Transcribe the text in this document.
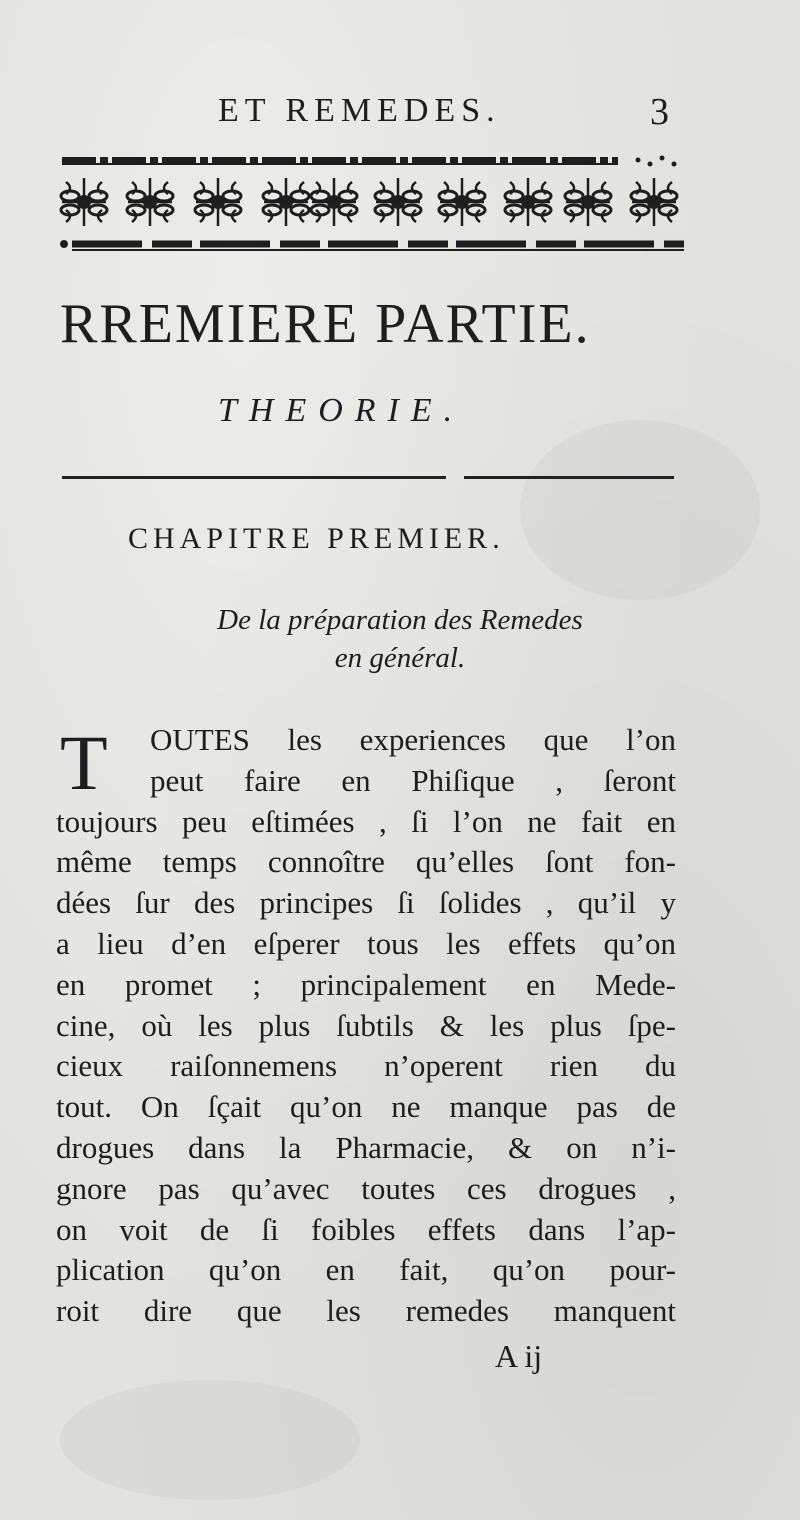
ET REMEDES.	3
RREMIERE PARTIE.
THEORIE.
CHAPITRE PREMIER.
De la préparation des Remedes
en général.
T	OUTES les experiences que l’on
peut faire en Phiſique , ſeront
toujours peu eſtimées , ſi l’on ne fait en
même temps connoître qu’elles ſont fon-
dées ſur des principes ſi ſolides , qu’il y
a lieu d’en eſperer tous les effets qu’on
en promet ; principalement en Mede-
cine, où les plus ſubtils & les plus ſpe-
cieux raiſonnemens n’operent rien du
tout. On ſçait qu’on ne manque pas de
drogues dans la Pharmacie, & on n’i-
gnore pas qu’avec toutes ces drogues ,
on voit de ſi foibles effets dans l’ap-
plication qu’on en fait, qu’on pour-
roit dire que les remedes manquent
A ij
